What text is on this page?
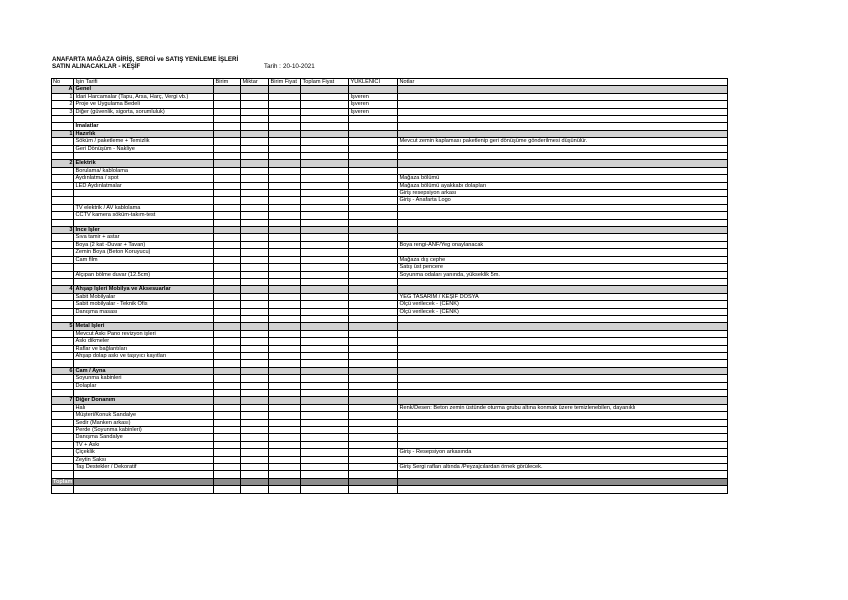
ANAFARTA MAĞAZA GİRİŞ, SERGİ ve SATIŞ YENİLEME İŞLERİ
SATIN ALINACAKLAR - KEŞİF	Tarih : 20-10-2021
No	İşin Tarifi	Birim	Miktar	Birim Fiyat	Toplam Fiyat	YÜKLENİCİ	Notlar
A	Genel						
1	İdari Harcamalar (Tapu, Arsa, Harç, Vergi vb.)					İşveren	
2	Proje ve Uygulama Bedeli					İşveren	
3	Diğer (güvenlik, sigorta, sorumluluk)					İşveren	

	İmalatlar						
1	Hazırlık						
	Söküm / paketleme + Temizlik						Mevcut zemin kaplaması paketlenip geri dönüşüme gönderilmesi düşünülür.
	Geri Dönüşüm - Nakliye						

2	Elektrik						
	Borulama/ kablolama						
	Aydınlatma / spot						Mağaza bölümü
	LED Aydınlatmalar						Mağaza bölümü ayakkabı dolapları
							Giriş resepsiyon arkası
							Giriş - Anafarta Logo
	TV elektrik / AV kablolama						
	CCTV kamera söküm-takım-test						

3	İnce İşler						
	Sıva tamir + astar						
	Boya (2 kat -Duvar + Tavan)						Boya rengi-ANF/Yeg onaylanacak
	Zemin Boya (Beton Koruyucu)						
	Cam film						Mağaza dış cephe
							Satış üst pencere
	Alçıpan bölme duvar (12.5cm)						Soyunma odaları yanında, yükseklik 5m.

4	Ahşap İşleri Mobilya ve Aksesuarlar						
	Sabit Mobilyalar						YEG TASARIM / KEŞİF DOSYA
	Sabit mobilyalar - Teknik Ofis						Ölçü verilecek - (CENK)
	Danışma masası						Ölçü verilecek - (CENK)

5	Metal İşleri						
	Mevcut Askı Pano revizyon işleri						
	Askı dikmeler						
	Raflar ve bağlantıları						
	Ahşap dolap askı ve taşıyıcı kayıtları						

6	Cam / Ayna						
	Soyunma kabinleri						
	Dolaplar						

7	Diğer Donanım						
	Halı						Renk/Desen: Beton zemin üstünde oturma grubu altına konmak üzere temizlenebilen, dayanıklı
	Müşteri/Konuk Sandalye						
	Sedir (Manken arkası)						
	Perde (Soyunma kabinleri)						
	Danışma Sandalye						
	TV + Askı						
	Çiçeklik						Giriş - Resepsiyon arkasında
	Zeytin Saksı						
	Taş Destekler / Dekoratif						Giriş Sergi rafları altında /Peyzajcılardan örnek görülecek.

Toplam							
